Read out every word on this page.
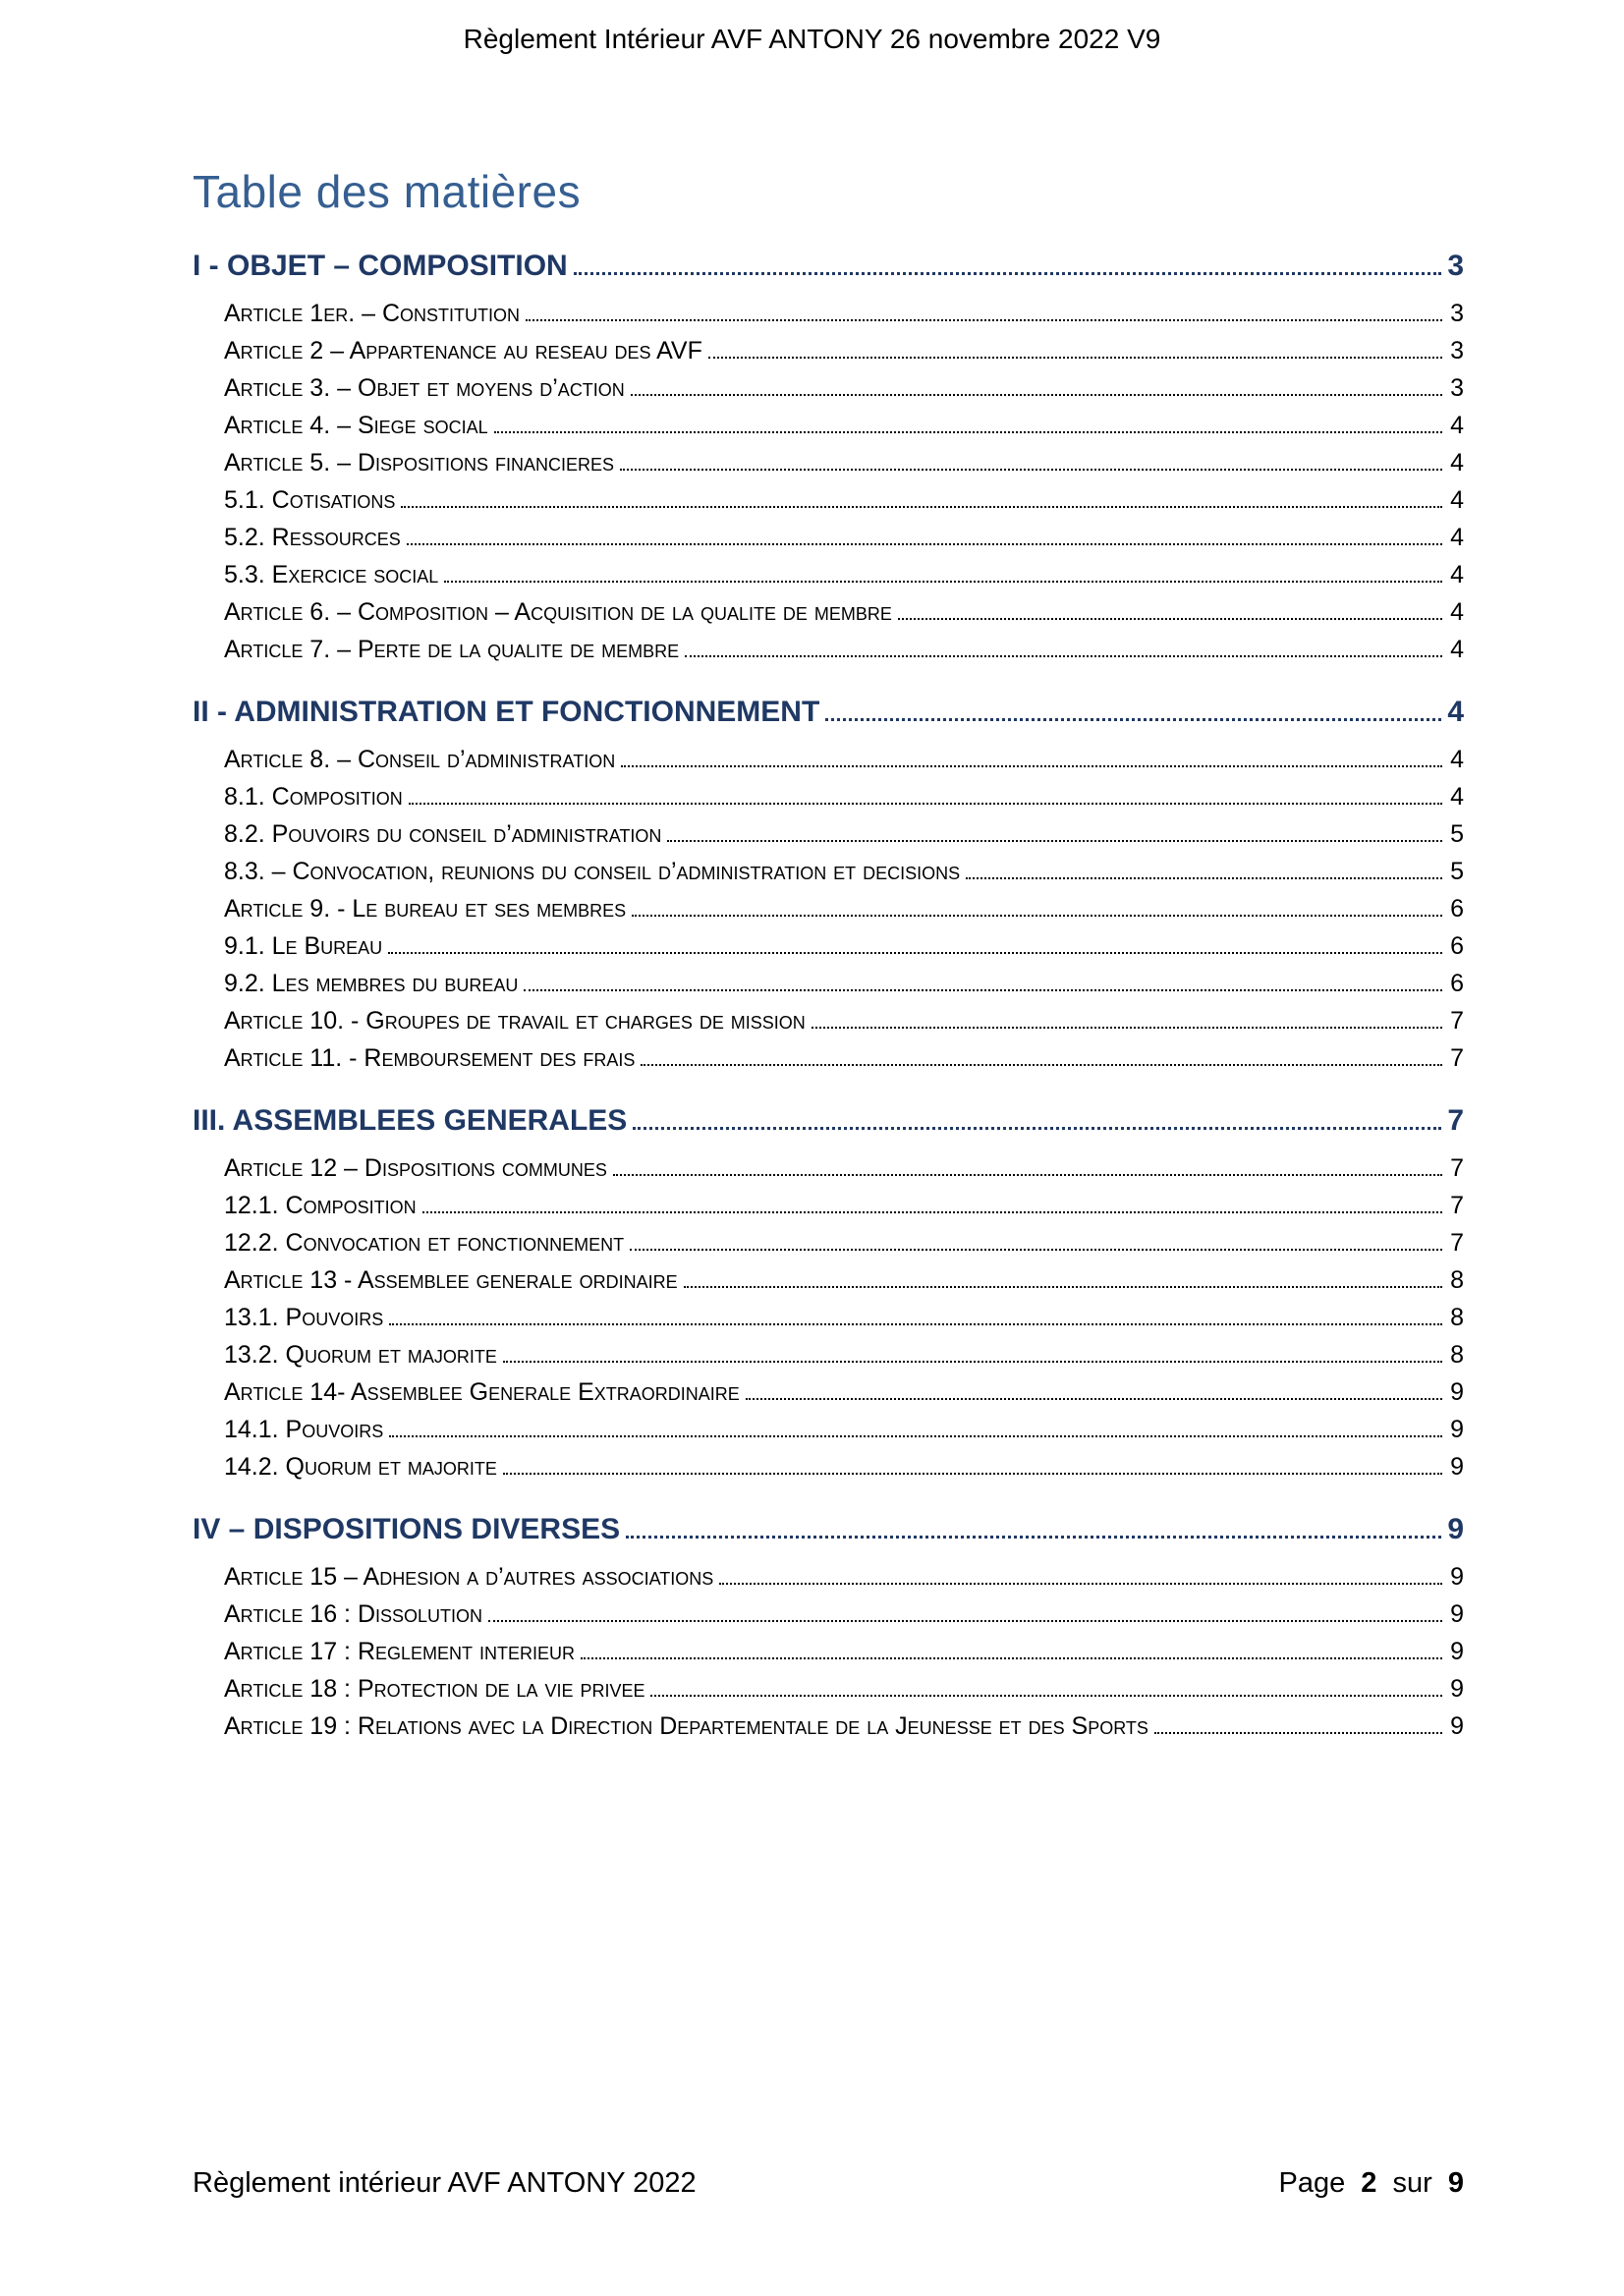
Règlement Intérieur AVF ANTONY 26 novembre 2022 V9
Table des matières
I - OBJET – COMPOSITION	3
Article 1er. – Constitution	3
Article 2 – Appartenance au reseau des AVF	3
Article 3. – Objet et moyens d’action	3
Article 4. – Siege social	4
Article 5. – Dispositions financieres	4
5.1. Cotisations	4
5.2. Ressources	4
5.3. Exercice social	4
Article 6. – Composition – Acquisition de la qualite de membre	4
Article 7. – Perte de la qualite de membre	4
II - ADMINISTRATION ET FONCTIONNEMENT	4
Article 8. – Conseil d’administration	4
8.1. Composition	4
8.2. Pouvoirs du conseil d’administration	5
8.3. – Convocation, reunions du conseil d’administration et decisions	5
Article 9. - Le bureau et ses membres	6
9.1. Le Bureau	6
9.2. Les membres du bureau	6
Article 10. - Groupes de travail et charges de mission	7
Article 11. - Remboursement des frais	7
III. ASSEMBLEES GENERALES	7
Article 12 – Dispositions communes	7
12.1. Composition	7
12.2. Convocation et fonctionnement	7
Article 13 - Assemblee generale ordinaire	8
13.1. Pouvoirs	8
13.2. Quorum et majorite	8
Article 14- Assemblee Generale Extraordinaire	9
14.1. Pouvoirs	9
14.2. Quorum et majorite	9
IV – DISPOSITIONS DIVERSES	9
Article 15 – Adhesion a d’autres associations	9
Article 16 : Dissolution	9
Article 17 : Reglement interieur	9
Article 18 : Protection de la vie privee	9
Article 19 : Relations avec la Direction Departementale de la Jeunesse et des Sports	9
Règlement intérieur AVF ANTONY 2022	Page 2 sur 9
